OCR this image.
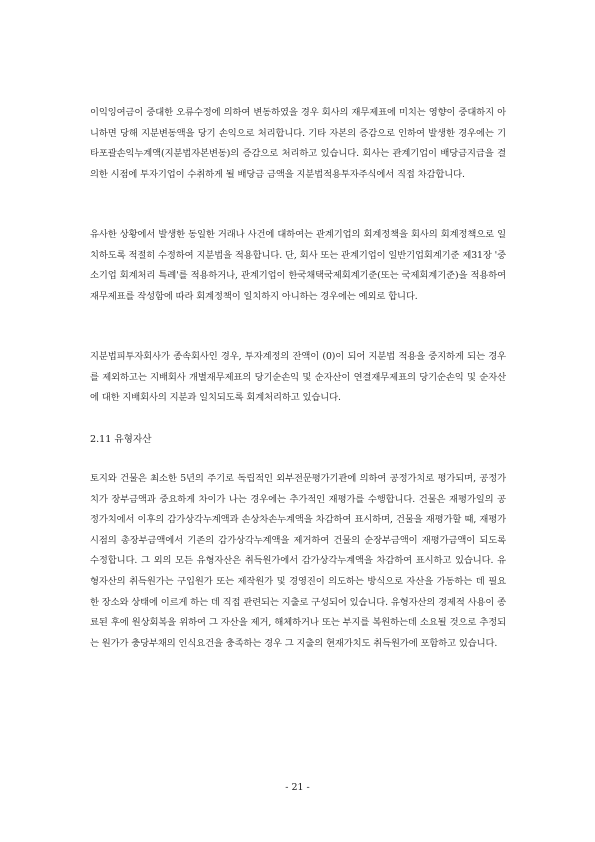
이익잉여금이 중대한 오류수정에 의하여 변동하였을 경우 회사의 재무제표에 미치는 영향이 중대하지 아니하면 당해 지분변동액을 당기 손익으로 처리합니다. 기타 자본의 증감으로 인하여 발생한 경우에는 기타포괄손익누계액(지분법자본변동)의 증감으로 처리하고 있습니다. 회사는 관계기업이 배당금지급을 결의한 시점에 투자기업이 수취하게 될 배당금 금액을 지분법적용투자주식에서 직접 차감합니다.

유사한 상황에서 발생한 동일한 거래나 사건에 대하여는 관계기업의 회계정책을 회사의 회계정책으로 일치하도록 적절히 수정하여 지분법을 적용합니다. 단, 회사 또는 관계기업이 일반기업회계기준 제31장 '중소기업 회계처리 특례'를 적용하거나, 관계기업이 한국채택국제회계기준(또는 국제회계기준)을 적용하여 재무제표를 작성함에 따라 회계정책이 일치하지 아니하는 경우에는 예외로 합니다.

지분법피투자회사가 종속회사인 경우, 투자계정의 잔액이 (0)이 되어 지분법 적용을 중지하게 되는 경우를 제외하고는 지배회사 개별재무제표의 당기순손익 및 순자산이 연결재무제표의 당기순손익 및 순자산에 대한 지배회사의 지분과 일치되도록 회계처리하고 있습니다.

2.11 유형자산

토지와 건물은 최소한 5년의 주기로 독립적인 외부전문평가기관에 의하여 공정가치로 평가되며, 공정가치가 장부금액과 중요하게 차이가 나는 경우에는 추가적인 재평가를 수행합니다. 건물은 재평가일의 공정가치에서 이후의 감가상각누계액과 손상차손누계액을 차감하여 표시하며, 건물을 재평가할 때, 재평가시점의 총장부금액에서 기존의 감가상각누계액을 제거하여 건물의 순장부금액이 재평가금액이 되도록 수정합니다. 그 외의 모든 유형자산은 취득원가에서 감가상각누계액을 차감하여 표시하고 있습니다. 유형자산의 취득원가는 구입원가 또는 제작원가 및 경영진이 의도하는 방식으로 자산을 가동하는 데 필요한 장소와 상태에 이르게 하는 데 직접 관련되는 지출로 구성되어 있습니다. 유형자산의 경제적 사용이 종료된 후에 원상회복을 위하여 그 자산을 제거, 해체하거나 또는 부지를 복원하는데 소요될 것으로 추정되는 원가가 충당부채의 인식요건을 충족하는 경우 그 지출의 현재가치도 취득원가에 포함하고 있습니다.

- 21 -
